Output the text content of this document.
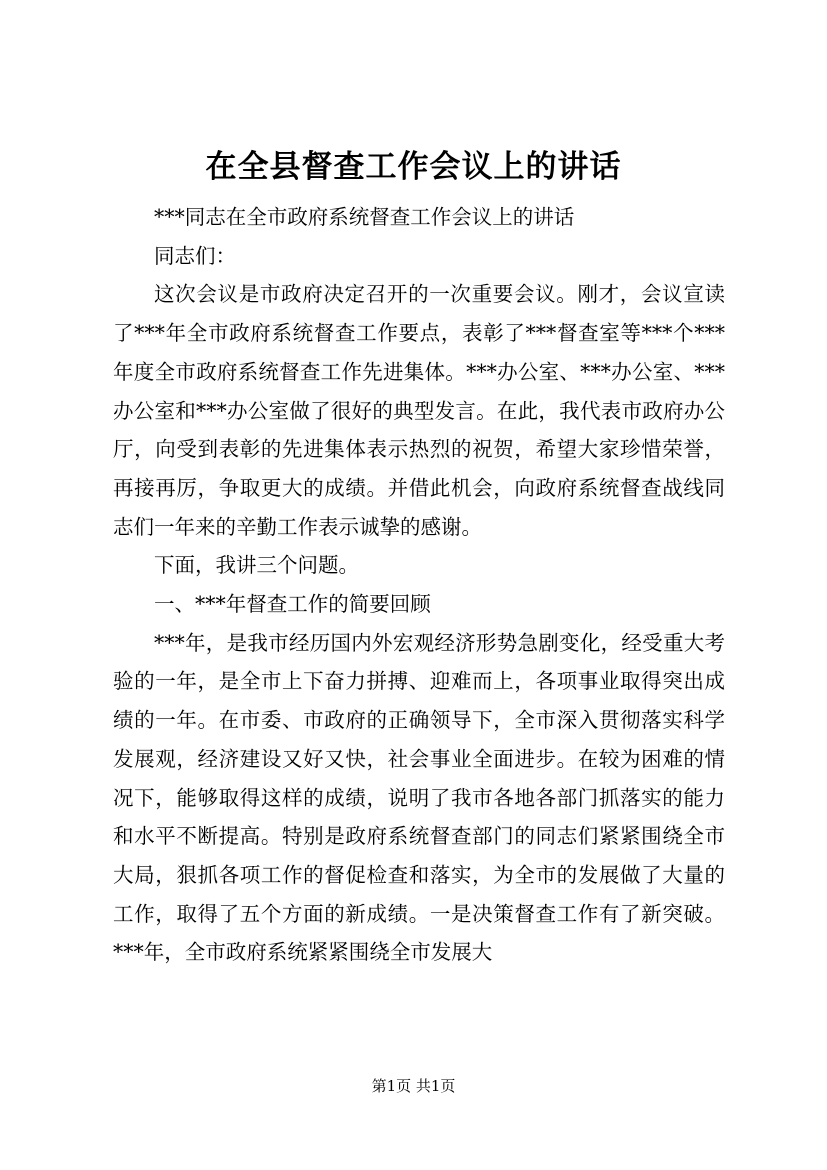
在全县督查工作会议上的讲话

***同志在全市政府系统督查工作会议上的讲话

同志们：

这次会议是市政府决定召开的一次重要会议。刚才，会议宣读了***年全市政府系统督查工作要点，表彰了***督查室等***个***年度全市政府系统督查工作先进集体。***办公室、***办公室、***办公室和***办公室做了很好的典型发言。在此，我代表市政府办公厅，向受到表彰的先进集体表示热烈的祝贺，希望大家珍惜荣誉，再接再厉，争取更大的成绩。并借此机会，向政府系统督查战线同志们一年来的辛勤工作表示诚挚的感谢。

下面，我讲三个问题。

一、***年督查工作的简要回顾

***年，是我市经历国内外宏观经济形势急剧变化，经受重大考验的一年，是全市上下奋力拼搏、迎难而上，各项事业取得突出成绩的一年。在市委、市政府的正确领导下，全市深入贯彻落实科学发展观，经济建设又好又快，社会事业全面进步。在较为困难的情况下，能够取得这样的成绩，说明了我市各地各部门抓落实的能力和水平不断提高。特别是政府系统督查部门的同志们紧紧围绕全市大局，狠抓各项工作的督促检查和落实，为全市的发展做了大量的工作，取得了五个方面的新成绩。一是决策督查工作有了新突破。***年，全市政府系统紧紧围绕全市发展大

第1页 共1页
